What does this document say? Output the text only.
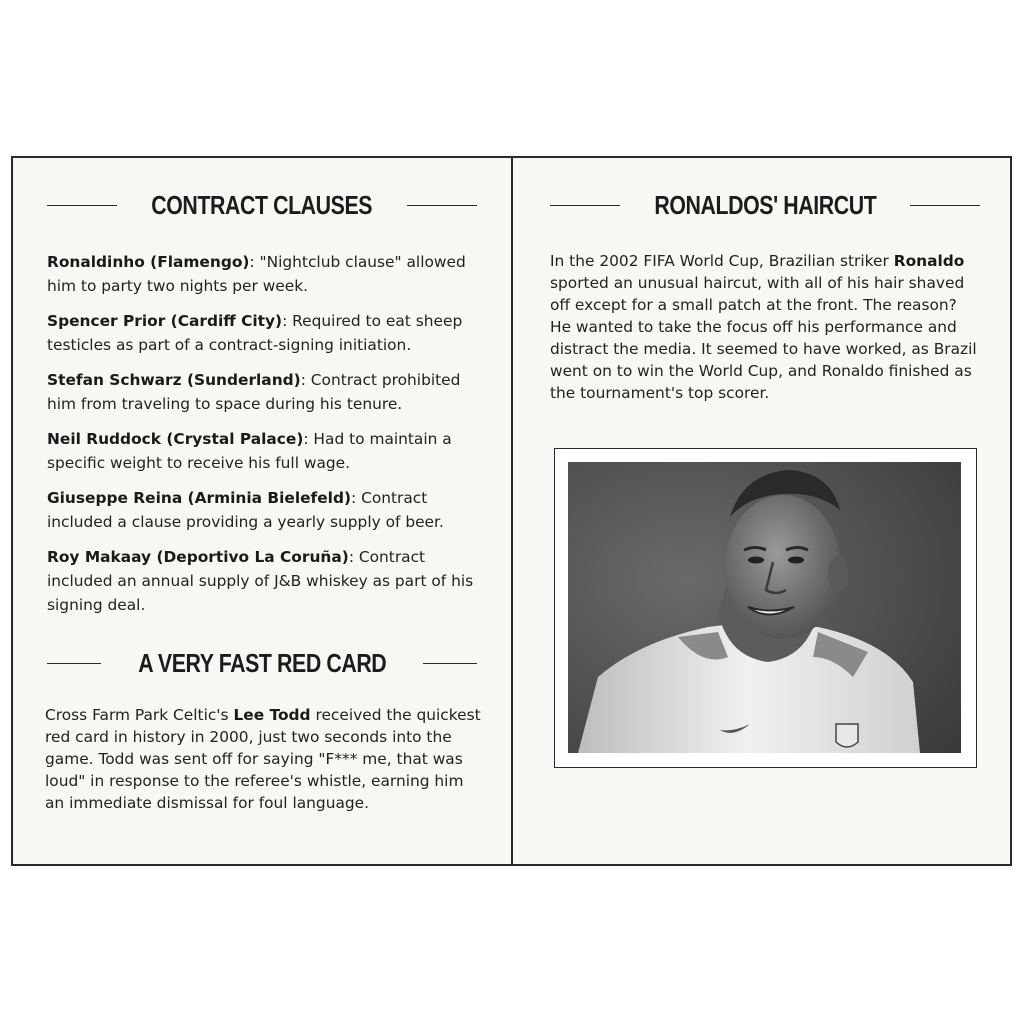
CONTRACT CLAUSES
Ronaldinho (Flamengo): "Nightclub clause" allowed him to party two nights per week.
Spencer Prior (Cardiff City): Required to eat sheep testicles as part of a contract-signing initiation.
Stefan Schwarz (Sunderland): Contract prohibited him from traveling to space during his tenure.
Neil Ruddock (Crystal Palace): Had to maintain a specific weight to receive his full wage.
Giuseppe Reina (Arminia Bielefeld): Contract included a clause providing a yearly supply of beer.
Roy Makaay (Deportivo La Coruña): Contract included an annual supply of J&B whiskey as part of his signing deal.
A VERY FAST RED CARD
Cross Farm Park Celtic's Lee Todd received the quickest red card in history in 2000, just two seconds into the game. Todd was sent off for saying "F*** me, that was loud" in response to the referee's whistle, earning him an immediate dismissal for foul language.
RONALDOS' HAIRCUT
In the 2002 FIFA World Cup, Brazilian striker Ronaldo sported an unusual haircut, with all of his hair shaved off except for a small patch at the front. The reason? He wanted to take the focus off his performance and distract the media. It seemed to have worked, as Brazil went on to win the World Cup, and Ronaldo finished as the tournament's top scorer.
